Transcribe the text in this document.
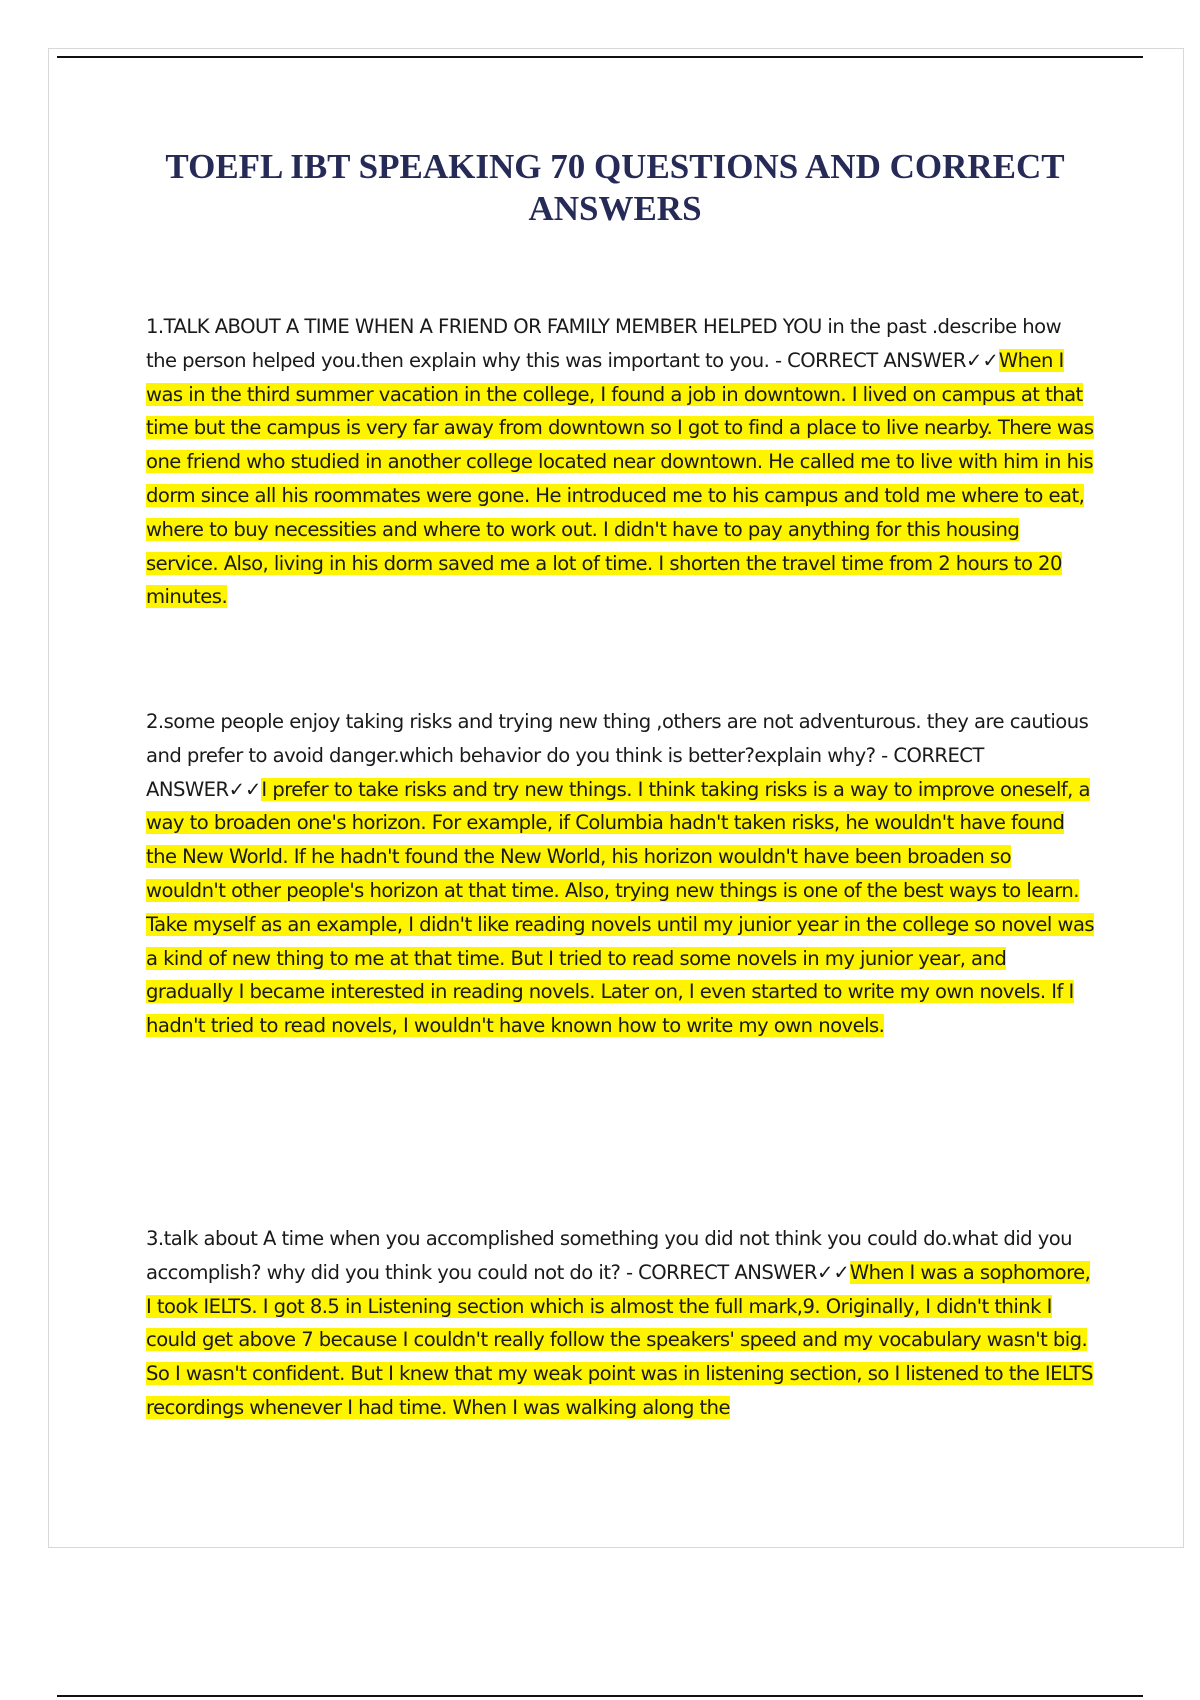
TOEFL IBT SPEAKING 70 QUESTIONS AND CORRECT ANSWERS

1.TALK ABOUT A TIME WHEN A FRIEND OR FAMILY MEMBER HELPED YOU in the past .describe how the person helped you.then explain why this was important to you. - CORRECT ANSWER✓✓When I was in the third summer vacation in the college, I found a job in downtown. I lived on campus at that time but the campus is very far away from downtown so I got to find a place to live nearby. There was one friend who studied in another college located near downtown. He called me to live with him in his dorm since all his roommates were gone. He introduced me to his campus and told me where to eat, where to buy necessities and where to work out. I didn't have to pay anything for this housing service. Also, living in his dorm saved me a lot of time. I shorten the travel time from 2 hours to 20 minutes.

2.some people enjoy taking risks and trying new thing ,others are not adventurous. they are cautious and prefer to avoid danger.which behavior do you think is better?explain why? - CORRECT ANSWER✓✓I prefer to take risks and try new things. I think taking risks is a way to improve oneself, a way to broaden one's horizon. For example, if Columbia hadn't taken risks, he wouldn't have found the New World. If he hadn't found the New World, his horizon wouldn't have been broaden so wouldn't other people's horizon at that time. Also, trying new things is one of the best ways to learn. Take myself as an example, I didn't like reading novels until my junior year in the college so novel was a kind of new thing to me at that time. But I tried to read some novels in my junior year, and gradually I became interested in reading novels. Later on, I even started to write my own novels. If I hadn't tried to read novels, I wouldn't have known how to write my own novels.

3.talk about A time when you accomplished something you did not think you could do.what did you accomplish? why did you think you could not do it? - CORRECT ANSWER✓✓When I was a sophomore, I took IELTS. I got 8.5 in Listening section which is almost the full mark,9. Originally, I didn't think I could get above 7 because I couldn't really follow the speakers' speed and my vocabulary wasn't big. So I wasn't confident. But I knew that my weak point was in listening section, so I listened to the IELTS recordings whenever I had time. When I was walking along the
